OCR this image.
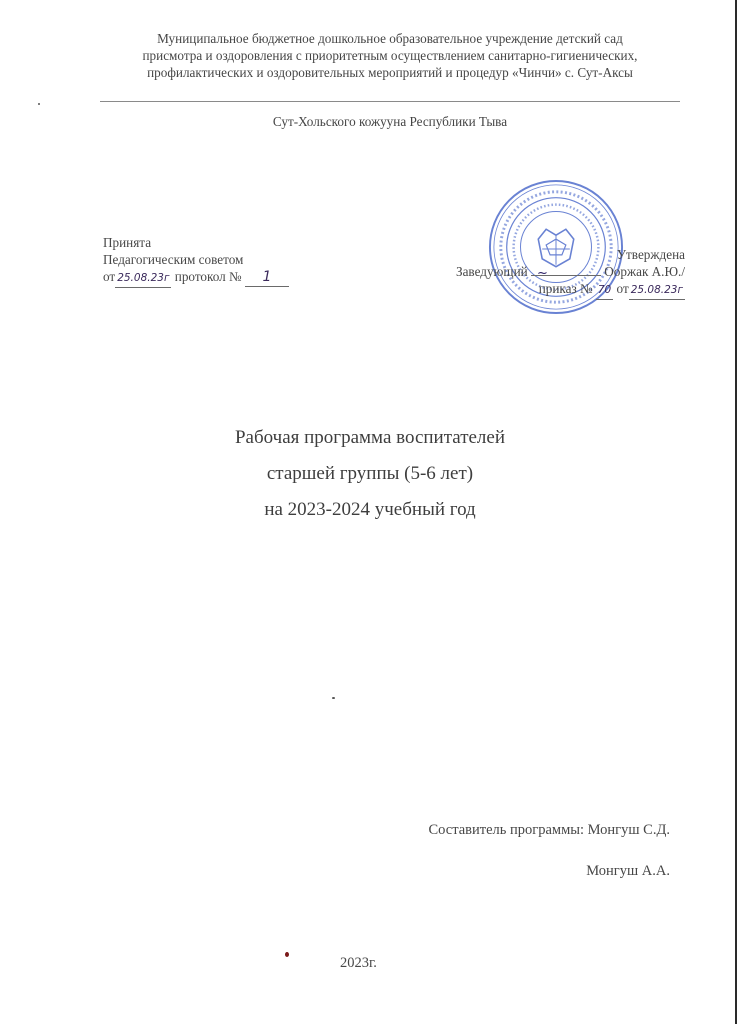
Муниципальное бюджетное дошкольное образовательное учреждение детский сад
присмотра и оздоровления с приоритетным осуществлением санитарно-гигиенических,
профилактических и оздоровительных мероприятий и процедур «Чинчи» с. Сут-Аксы
Сут-Хольского кожууна Республики Тыва
Принята
Педагогическим советом
от 25.08.23г протокол № 1
Утверждена
Заведующий ~	Ооржак А.Ю./
приказ № 70 от 25.08.23г
Рабочая программа воспитателей
старшей группы (5-6 лет)
на 2023-2024 учебный год
Составитель программы: Монгуш С.Д.
Монгуш А.А.
2023г.
